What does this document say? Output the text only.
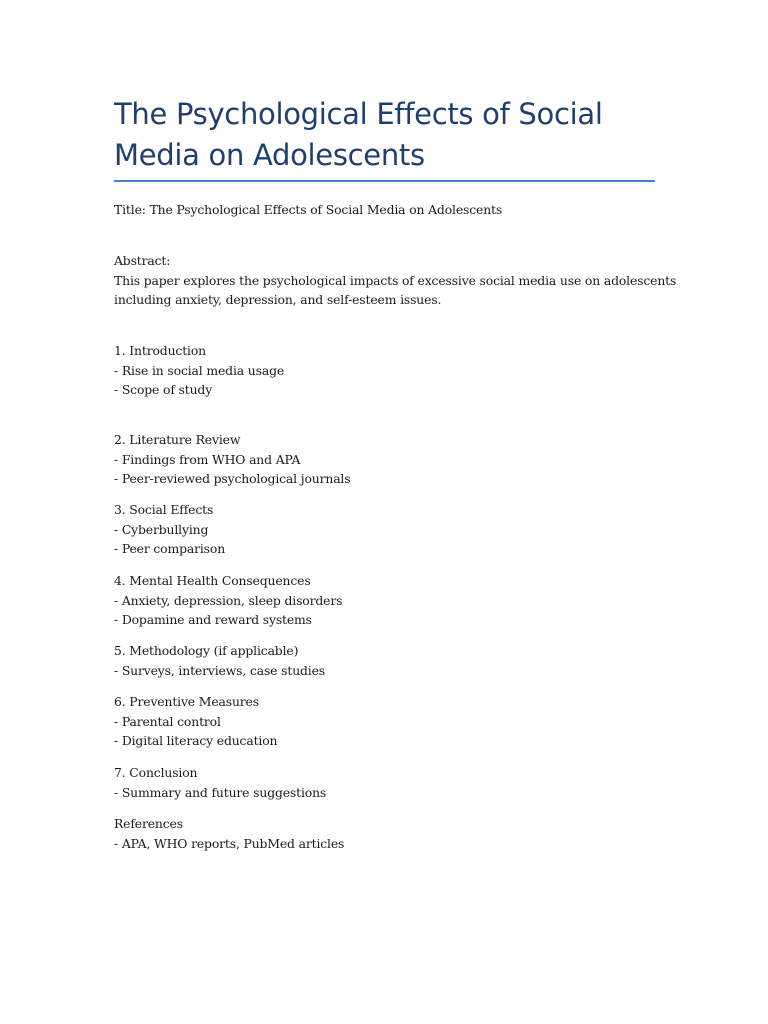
The Psychological Effects of Social Media on Adolescents
Title: The Psychological Effects of Social Media on Adolescents
Abstract:
This paper explores the psychological impacts of excessive social media use on adolescents
including anxiety, depression, and self-esteem issues.
1. Introduction
- Rise in social media usage
- Scope of study
2. Literature Review
- Findings from WHO and APA
- Peer-reviewed psychological journals
3. Social Effects
- Cyberbullying
- Peer comparison
4. Mental Health Consequences
- Anxiety, depression, sleep disorders
- Dopamine and reward systems
5. Methodology (if applicable)
- Surveys, interviews, case studies
6. Preventive Measures
- Parental control
- Digital literacy education
7. Conclusion
- Summary and future suggestions
References
- APA, WHO reports, PubMed articles
